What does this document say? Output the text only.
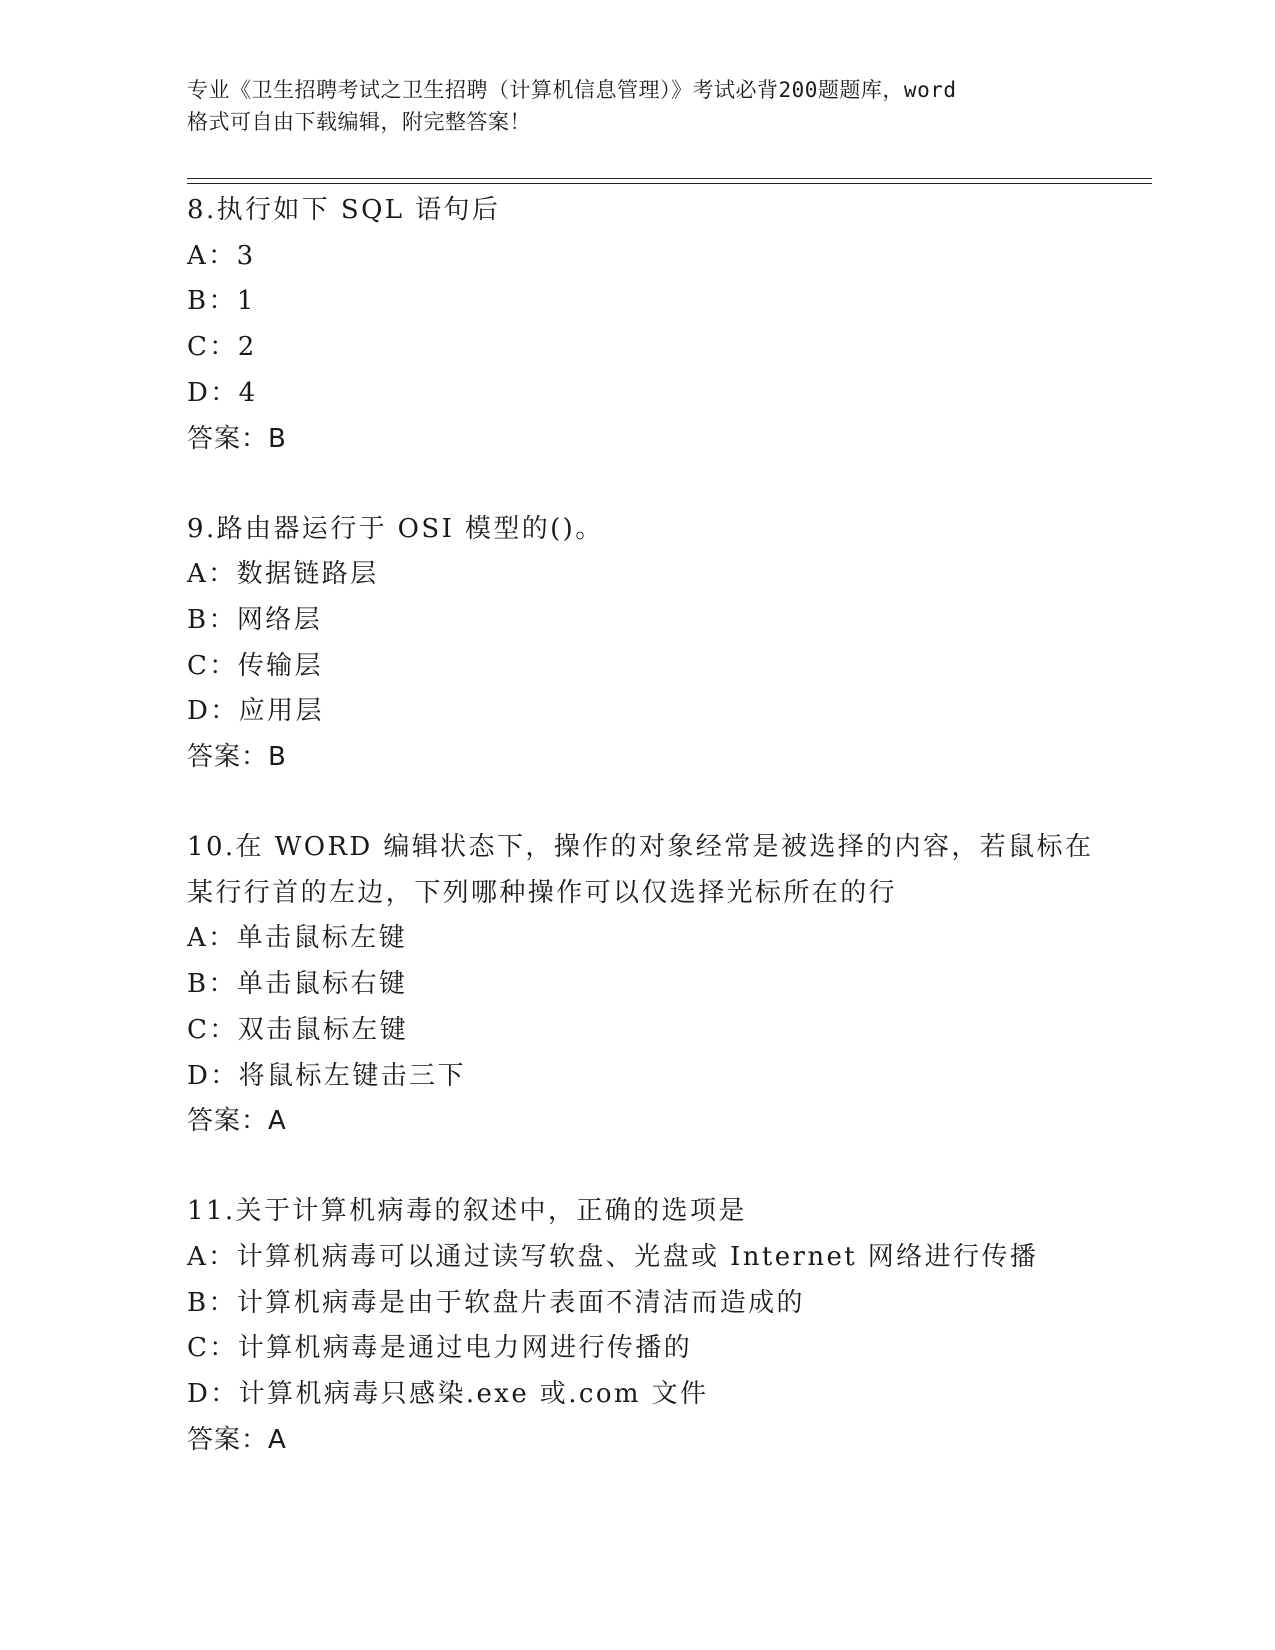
专业《卫生招聘考试之卫生招聘（计算机信息管理）》考试必背200题题库，word
格式可自由下载编辑，附完整答案！
8.执行如下 SQL 语句后
A：3
B：1
C：2
D：4
答案：B
9.路由器运行于 OSI 模型的()。
A：数据链路层
B：网络层
C：传输层
D：应用层
答案：B
10.在 WORD 编辑状态下，操作的对象经常是被选择的内容，若鼠标在
某行行首的左边，下列哪种操作可以仅选择光标所在的行
A：单击鼠标左键
B：单击鼠标右键
C：双击鼠标左键
D：将鼠标左键击三下
答案：A
11.关于计算机病毒的叙述中，正确的选项是
A：计算机病毒可以通过读写软盘、光盘或 Internet 网络进行传播
B：计算机病毒是由于软盘片表面不清洁而造成的
C：计算机病毒是通过电力网进行传播的
D：计算机病毒只感染.exe 或.com 文件
答案：A
